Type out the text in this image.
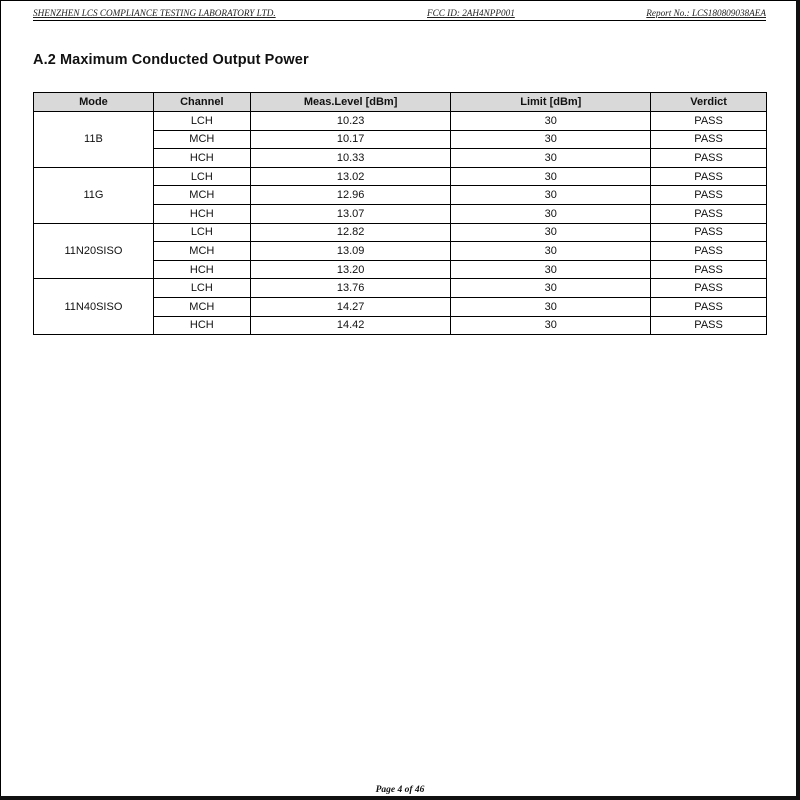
SHENZHEN LCS COMPLIANCE TESTING LABORATORY LTD.	FCC ID: 2AH4NPP001	Report No.: LCS180809038AEA
A.2 Maximum Conducted Output Power
Mode	Channel	Meas.Level [dBm]	Limit [dBm]	Verdict
11B	LCH	10.23	30	PASS
	MCH	10.17	30	PASS
	HCH	10.33	30	PASS
11G	LCH	13.02	30	PASS
	MCH	12.96	30	PASS
	HCH	13.07	30	PASS
11N20SISO	LCH	12.82	30	PASS
	MCH	13.09	30	PASS
	HCH	13.20	30	PASS
11N40SISO	LCH	13.76	30	PASS
	MCH	14.27	30	PASS
	HCH	14.42	30	PASS
Page 4 of 46
